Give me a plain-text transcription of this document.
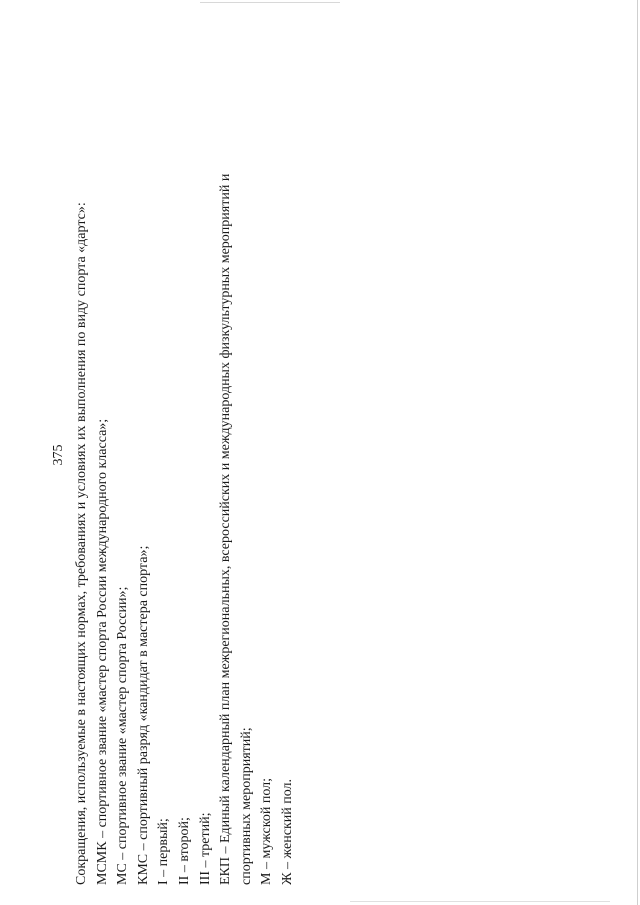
375 Сокращения, используемые в настоящих нормах, требованиях и условиях их выполнения по виду спорта «дартс»: МСМК – спортивное звание «мастер спорта России международного класса»; МС – спортивное звание «мастер спорта России»; КМС – спортивный разряд «кандидат в мастера спорта»; I – первый; II – второй; III – третий; ЕКП – Единый календарный план межрегиональных, всероссийских и международных физкультурных мероприятий и спортивных мероприятий; М – мужской пол; Ж – женский пол.
